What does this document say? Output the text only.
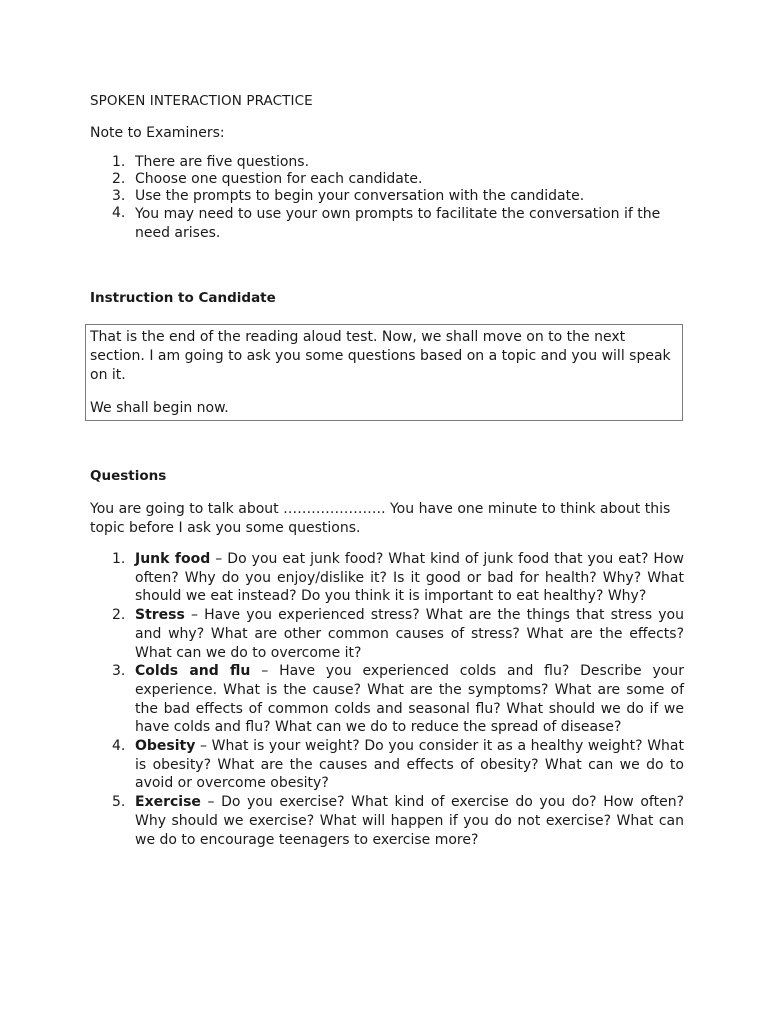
SPOKEN INTERACTION PRACTICE
Note to Examiners:
1. There are five questions.
2. Choose one question for each candidate.
3. Use the prompts to begin your conversation with the candidate.
4. You may need to use your own prompts to facilitate the conversation if the need arises.
Instruction to Candidate

That is the end of the reading aloud test. Now, we shall move on to the next section. I am going to ask you some questions based on a topic and you will speak on it.

We shall begin now.

Questions
You are going to talk about …………………. You have one minute to think about this topic before I ask you some questions.
1. Junk food – Do you eat junk food? What kind of junk food that you eat? How often? Why do you enjoy/dislike it? Is it good or bad for health? Why? What should we eat instead? Do you think it is important to eat healthy? Why?
2. Stress – Have you experienced stress? What are the things that stress you and why? What are other common causes of stress? What are the effects? What can we do to overcome it?
3. Colds and flu – Have you experienced colds and flu? Describe your experience. What is the cause? What are the symptoms? What are some of the bad effects of common colds and seasonal flu? What should we do if we have colds and flu? What can we do to reduce the spread of disease?
4. Obesity – What is your weight? Do you consider it as a healthy weight? What is obesity? What are the causes and effects of obesity? What can we do to avoid or overcome obesity?
5. Exercise – Do you exercise? What kind of exercise do you do? How often? Why should we exercise? What will happen if you do not exercise? What can we do to encourage teenagers to exercise more?
